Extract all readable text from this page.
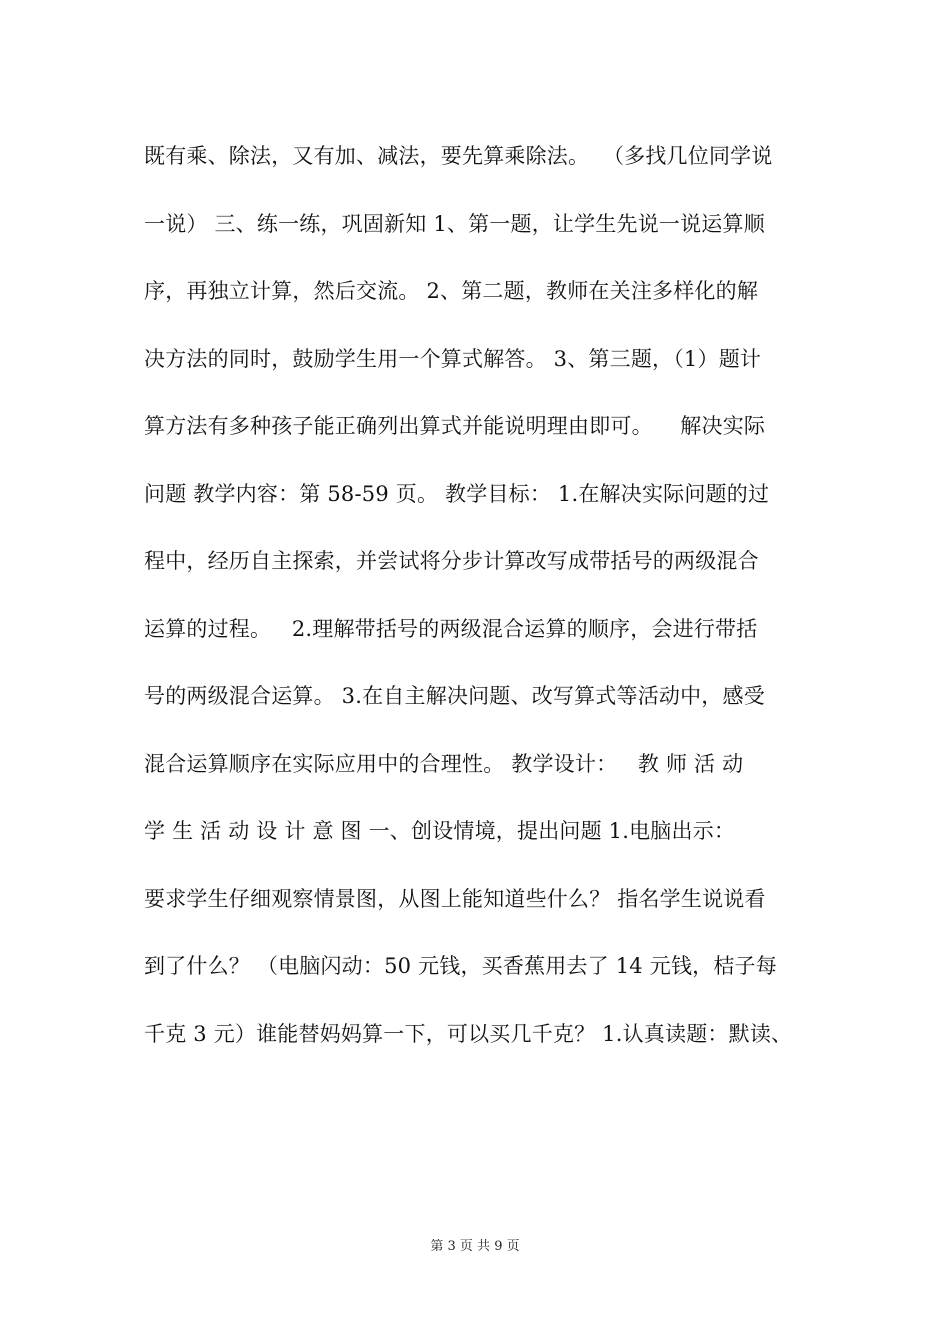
既有乘、除法，又有加、减法，要先算乘除法。  （多找几位同学说
一说） 三、练一练，巩固新知 1、第一题，让学生先说一说运算顺
序，再独立计算，然后交流。 2、第二题，教师在关注多样化的解
决方法的同时，鼓励学生用一个算式解答。 3、第三题，（1）题计
算方法有多种孩子能正确列出算式并能说明理由即可。    解决实际
问题 教学内容：第 58-59 页。 教学目标： 1.在解决实际问题的过
程中，经历自主探索，并尝试将分步计算改写成带括号的两级混合
运算的过程。   2.理解带括号的两级混合运算的顺序，会进行带括
号的两级混合运算。 3.在自主解决问题、改写算式等活动中，感受
混合运算顺序在实际应用中的合理性。 教学设计：   教 师 活 动
学 生 活 动 设 计 意 图 一、创设情境，提出问题 1.电脑出示：
要求学生仔细观察情景图，从图上能知道些什么？ 指名学生说说看
到了什么？ （电脑闪动：50 元钱，买香蕉用去了 14 元钱，桔子每
千克 3 元）谁能替妈妈算一下，可以买几千克？ 1.认真读题：默读、
第 3 页 共 9 页
